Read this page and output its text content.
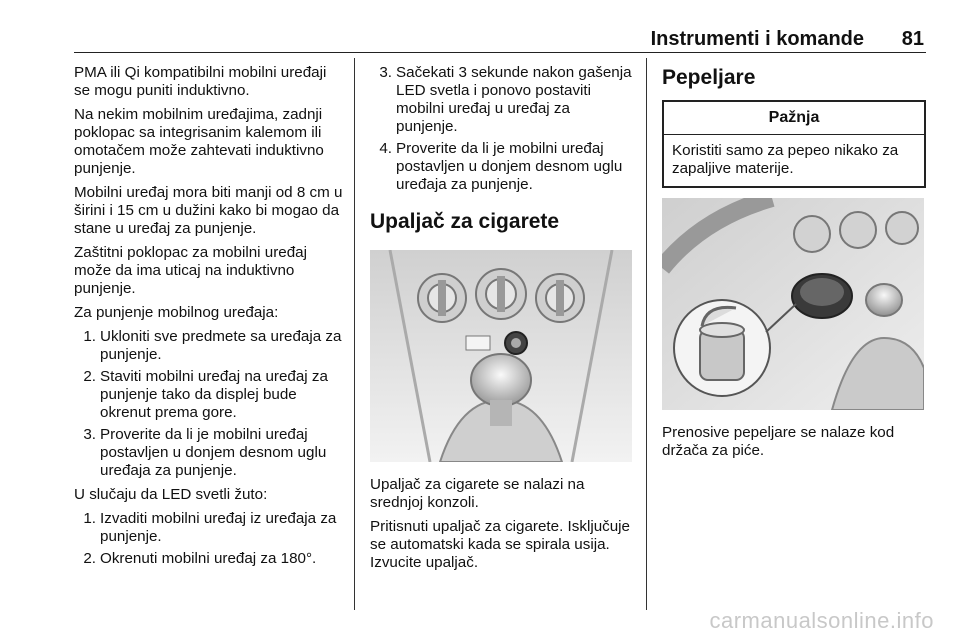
Instrumenti i komande 81

PMA ili Qi kompatibilni mobilni uređaji se mogu puniti induktivno.

Na nekim mobilnim uređajima, zadnji poklopac sa integrisanim kalemom ili omotačem može zahtevati induktivno punjenje.

Mobilni uređaj mora biti manji od 8 cm u širini i 15 cm u dužini kako bi mogao da stane u uređaj za punjenje.

Zaštitni poklopac za mobilni uređaj može da ima uticaj na induktivno punjenje.

Za punjenje mobilnog uređaja:

1. Ukloniti sve predmete sa uređaja za punjenje.
2. Staviti mobilni uređaj na uređaj za punjenje tako da displej bude okrenut prema gore.
3. Proverite da li je mobilni uređaj postavljen u donjem desnom uglu uređaja za punjenje.

U slučaju da LED svetli žuto:

1. Izvaditi mobilni uređaj iz uređaja za punjenje.
2. Okrenuti mobilni uređaj za 180°.
3. Sačekati 3 sekunde nakon gašenja LED svetla i ponovo postaviti mobilni uređaj u uređaj za punjenje.
4. Proverite da li je mobilni uređaj postavljen u donjem desnom uglu uređaja za punjenje.
Upaljač za cigarete

Upaljač za cigarete se nalazi na srednjoj konzoli.

Pritisnuti upaljač za cigarete. Isključuje se automatski kada se spirala usija. Izvucite upaljač.

Pepeljare
Pažnja
Koristiti samo za pepeo nikako za zapaljive materije.

Prenosive pepeljare se nalaze kod držača za piće.

carmanualsonline.info
